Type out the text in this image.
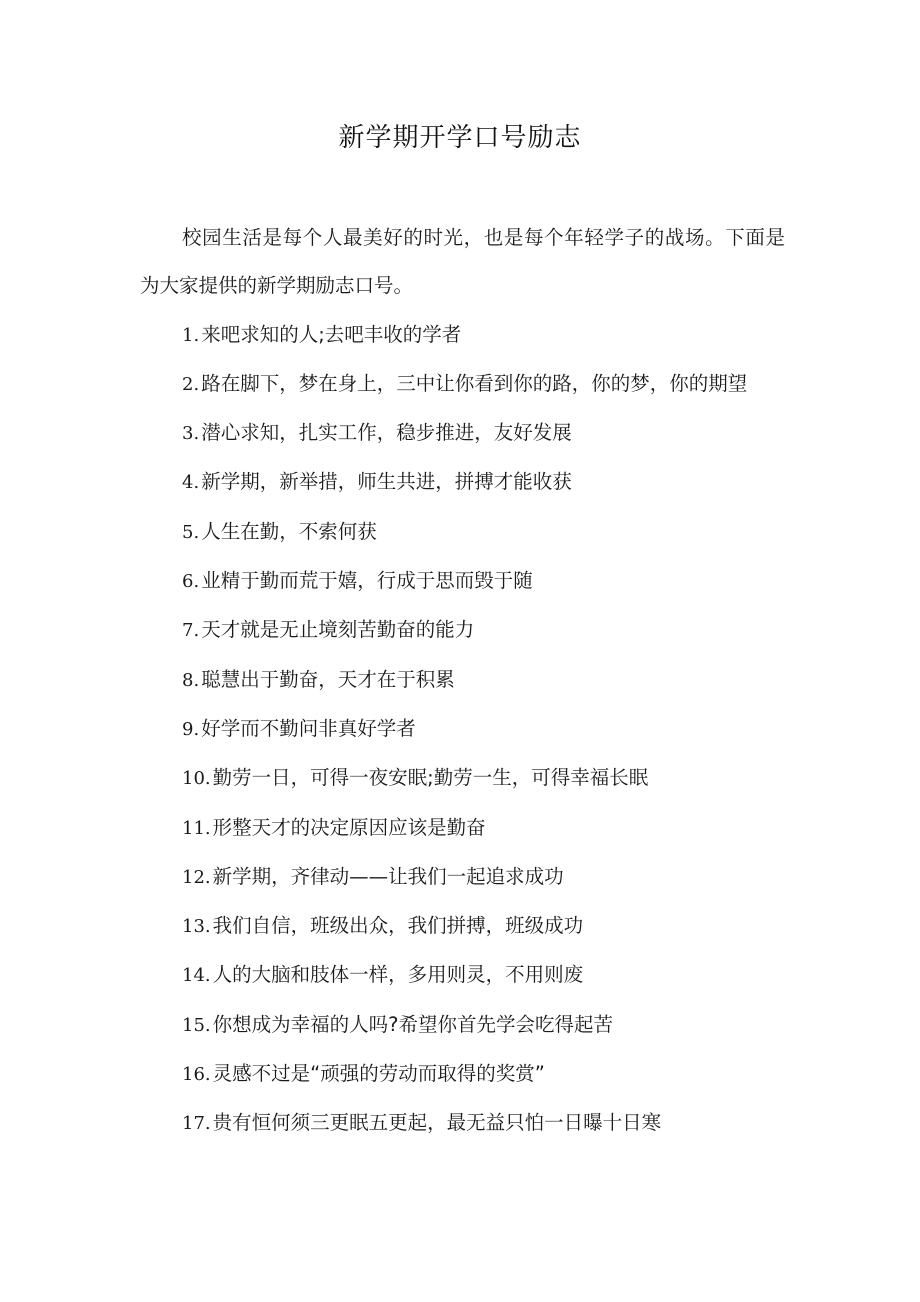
新学期开学口号励志

校园生活是每个人最美好的时光，也是每个年轻学子的战场。下面是为大家提供的新学期励志口号。

1. 来吧求知的人;去吧丰收的学者

2. 路在脚下，梦在身上，三中让你看到你的路，你的梦，你的期望

3. 潜心求知，扎实工作，稳步推进，友好发展

4. 新学期，新举措，师生共进，拼搏才能收获

5. 人生在勤，不索何获

6. 业精于勤而荒于嬉，行成于思而毁于随

7. 天才就是无止境刻苦勤奋的能力

8. 聪慧出于勤奋，天才在于积累

9. 好学而不勤问非真好学者

10. 勤劳一日，可得一夜安眠;勤劳一生，可得幸福长眠

11. 形整天才的决定原因应该是勤奋

12. 新学期，齐律动——让我们一起追求成功

13. 我们自信，班级出众，我们拼搏，班级成功

14. 人的大脑和肢体一样，多用则灵，不用则废

15. 你想成为幸福的人吗?希望你首先学会吃得起苦

16. 灵感不过是“顽强的劳动而取得的奖赏”

17. 贵有恒何须三更眠五更起，最无益只怕一日曝十日寒
